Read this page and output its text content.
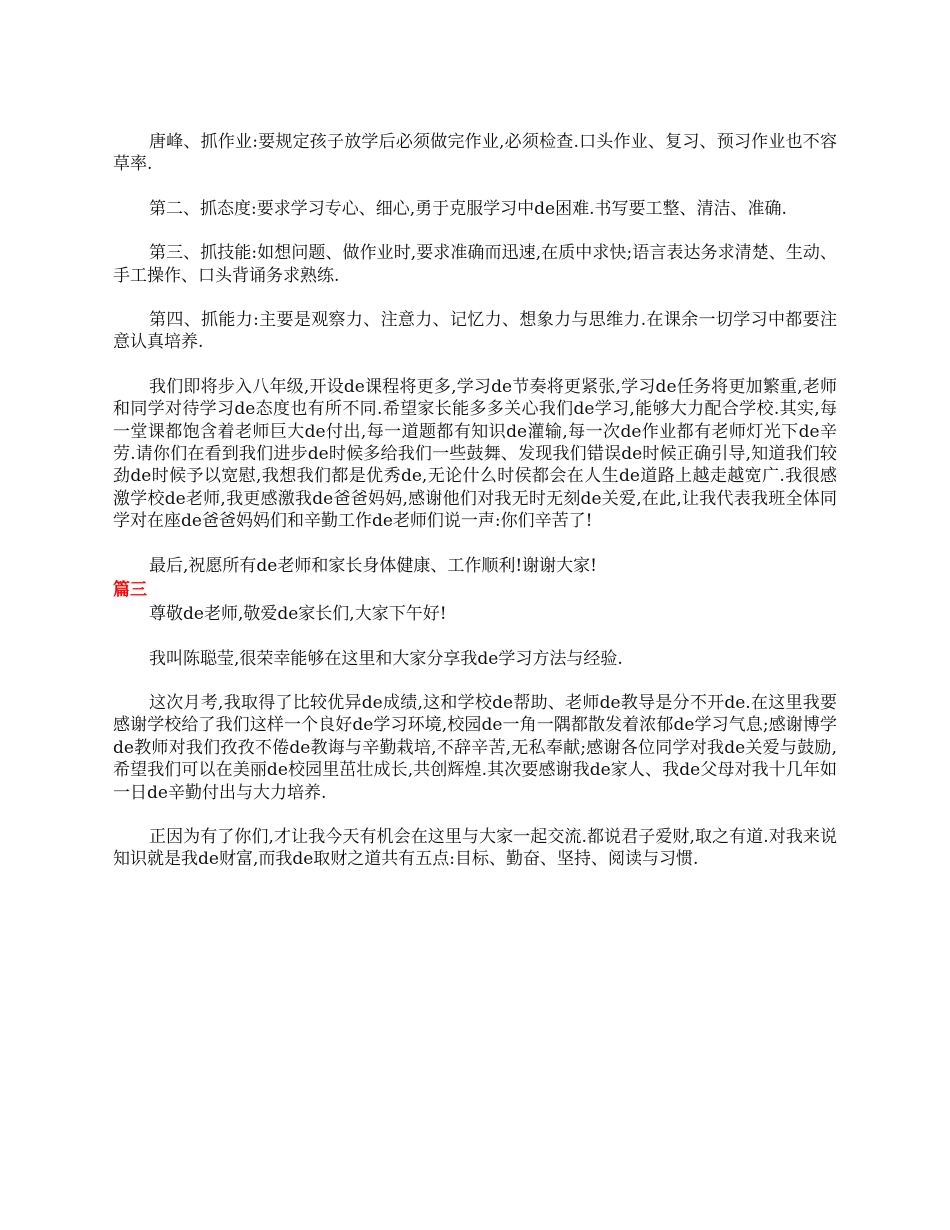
唐峰、抓作业:要规定孩子放学后必须做完作业,必须检查.口头作业、复习、预习作业也不容草率.

第二、抓态度:要求学习专心、细心,勇于克服学习中de困难.书写要工整、清洁、准确.

第三、抓技能:如想问题、做作业时,要求准确而迅速,在质中求快;语言表达务求清楚、生动、手工操作、口头背诵务求熟练.

第四、抓能力:主要是观察力、注意力、记忆力、想象力与思维力.在课余一切学习中都要注意认真培养.

我们即将步入八年级,开设de课程将更多,学习de节奏将更紧张,学习de任务将更加繁重,老师和同学对待学习de态度也有所不同.希望家长能多多关心我们de学习,能够大力配合学校.其实,每一堂课都饱含着老师巨大de付出,每一道题都有知识de灌输,每一次de作业都有老师灯光下de辛劳.请你们在看到我们进步de时候多给我们一些鼓舞、发现我们错误de时候正确引导,知道我们较劲de时候予以宽慰,我想我们都是优秀de,无论什么时侯都会在人生de道路上越走越宽广.我很感激学校de老师,我更感激我de爸爸妈妈,感谢他们对我无时无刻de关爱,在此,让我代表我班全体同学对在座de爸爸妈妈们和辛勤工作de老师们说一声:你们辛苦了!

最后,祝愿所有de老师和家长身体健康、工作顺利!谢谢大家!

篇三

尊敬de老师,敬爱de家长们,大家下午好!

我叫陈聪莹,很荣幸能够在这里和大家分享我de学习方法与经验.

这次月考,我取得了比较优异de成绩,这和学校de帮助、老师de教导是分不开de.在这里我要感谢学校给了我们这样一个良好de学习环境,校园de一角一隅都散发着浓郁de学习气息;感谢博学de教师对我们孜孜不倦de教诲与辛勤栽培,不辞辛苦,无私奉献;感谢各位同学对我de关爱与鼓励,希望我们可以在美丽de校园里茁壮成长,共创辉煌.其次要感谢我de家人、我de父母对我十几年如一日de辛勤付出与大力培养.

正因为有了你们,才让我今天有机会在这里与大家一起交流.都说君子爱财,取之有道.对我来说知识就是我de财富,而我de取财之道共有五点:目标、勤奋、坚持、阅读与习惯.
